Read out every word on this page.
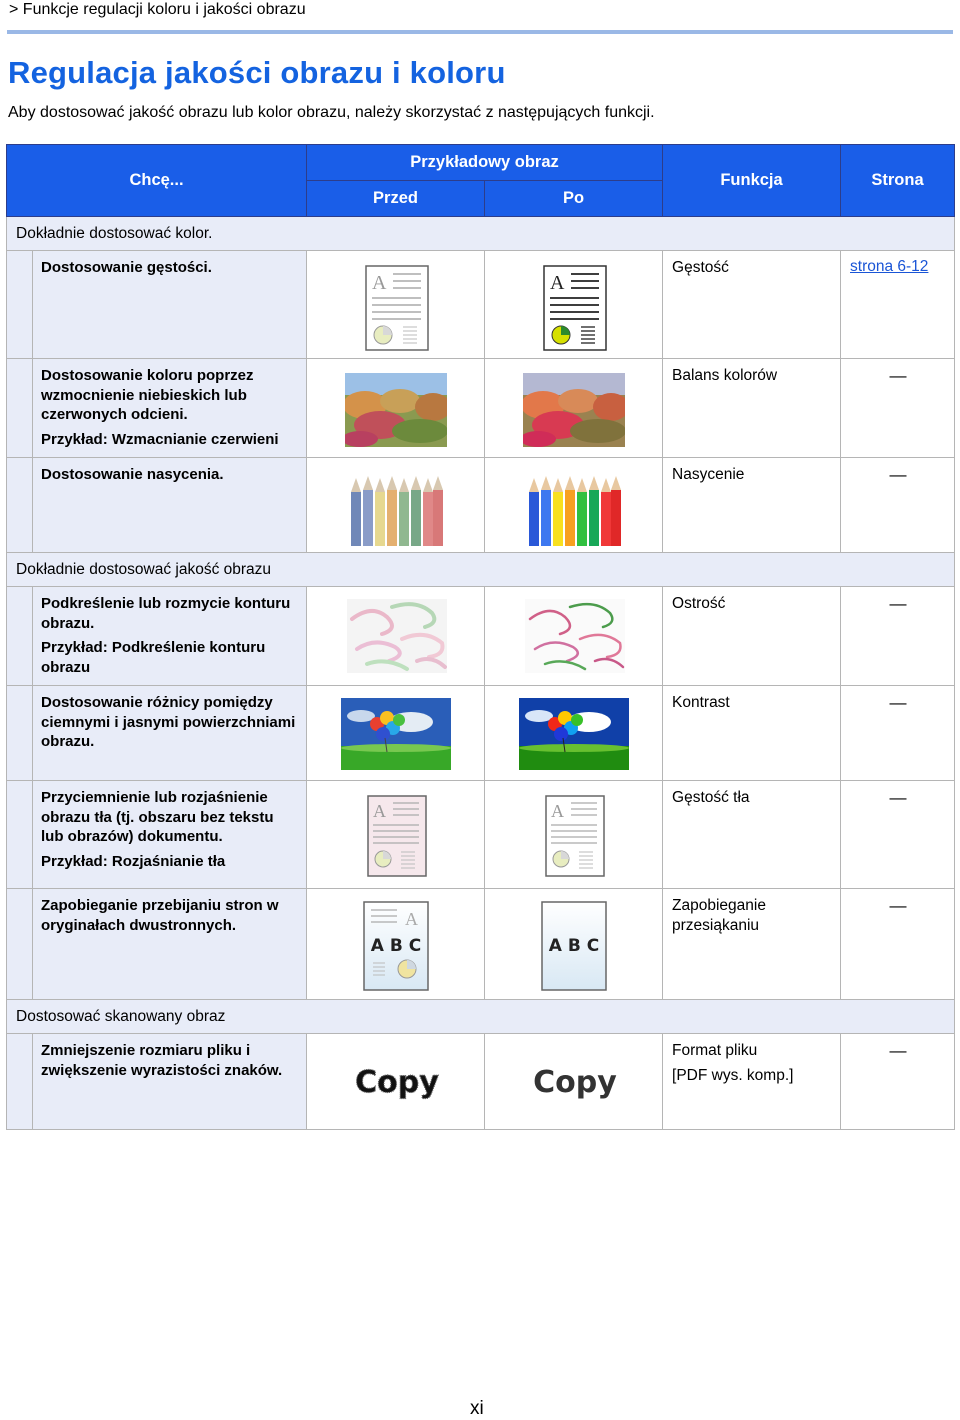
> Funkcje regulacji koloru i jakości obrazu
Regulacja jakości obrazu i koloru

Aby dostosować jakość obrazu lub kolor obrazu, należy skorzystać z następujących funkcji.

Chcę...		Przykładowy obraz		Funkcja	Strona
		Przed	Po		
Dokładnie dostosować kolor.					

	Dostosowanie gęstości.	A	A	Gęstość	strona 6-12

	Dostosowanie koloru poprzez wzmocnienie niebieskich lub czerwonych odcieni.
Przykład: Wzmacnianie czerwieni			Balans kolorów	—

	Dostosowanie nasycenia.			Nasycenie	—

Dokładnie dostosować jakość obrazu					

	Podkreślenie lub rozmycie konturu obrazu.
Przykład: Podkreślenie konturu obrazu			Ostrość	—

	Dostosowanie różnicy pomiędzy ciemnymi i jasnymi powierzchniami obrazu.			Kontrast	—

	Przyciemnienie lub rozjaśnienie obrazu tła (tj. obszaru bez tekstu lub obrazów) dokumentu.
Przykład: Rozjaśnianie tła	A	A	Gęstość tła	—

	Zapobieganie przebijaniu stron w oryginałach dwustronnych.	A
A B C	A B C	Zapobieganie przesiąkaniu	—

Dostosować skanowany obraz					

	Zmniejszenie rozmiaru pliku i zwiększenie wyrazistości znaków.	Copy	Copy	Format pliku
[PDF wys. komp.]	—
xi
